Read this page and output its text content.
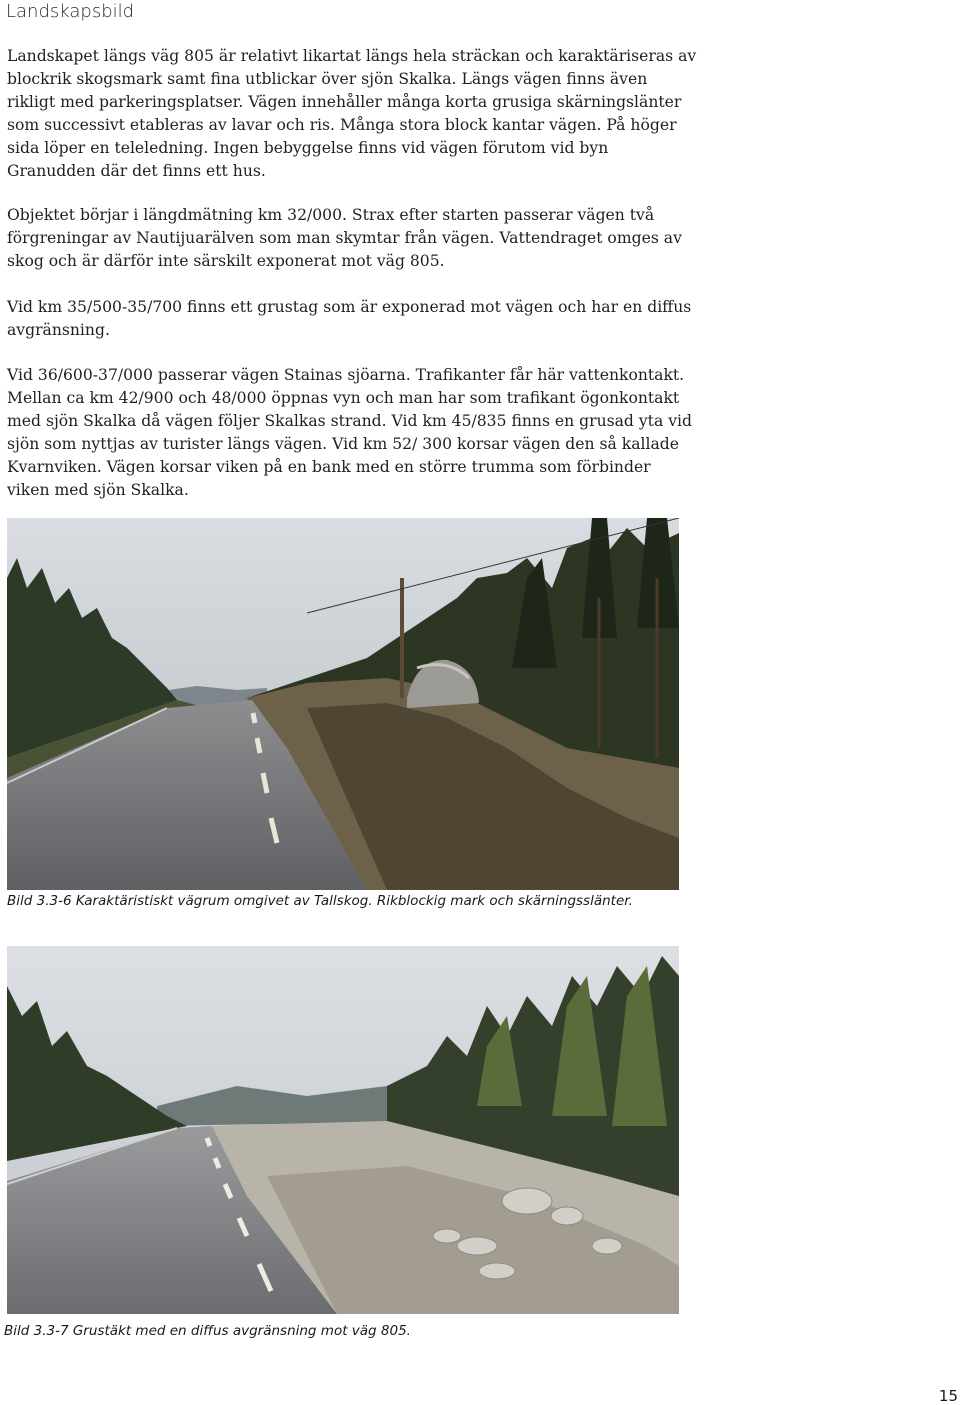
Landskapsbild

Landskapet längs väg 805 är relativt likartat längs hela sträckan och karaktäriseras av blockrik skogsmark samt fina utblickar över sjön Skalka. Längs vägen finns även rikligt med parkeringsplatser. Vägen innehåller många korta grusiga skärningslänter som successivt etableras av lavar och ris. Många stora block kantar vägen. På höger sida löper en teleledning. Ingen bebyggelse finns vid vägen förutom vid byn Granudden där det finns ett hus.

Objektet börjar i längdmätning km 32/000. Strax efter starten passerar vägen två förgreningar av Nautijuarälven som man skymtar från vägen. Vattendraget omges av skog och är därför inte särskilt exponerat mot väg 805.

Vid km 35/500-35/700 finns ett grustag som är exponerad mot vägen och har en diffus avgränsning.

Vid 36/600-37/000 passerar vägen Stainas sjöarna. Trafikanter får här vattenkontakt. Mellan ca km 42/900 och 48/000 öppnas vyn och man har som trafikant ögonkontakt med sjön Skalka då vägen följer Skalkas strand. Vid km 45/835 finns en grusad yta vid sjön som nyttjas av turister längs vägen. Vid km 52/ 300 korsar vägen den så kallade Kvarnviken. Vägen korsar viken på en bank med en större trumma som förbinder viken med sjön Skalka.

Bild 3.3-6 Karaktäristiskt vägrum omgivet av Tallskog. Rikblockig mark och skärningsslänter.

Bild 3.3-7 Grustäkt med en diffus avgränsning mot väg 805.

15
